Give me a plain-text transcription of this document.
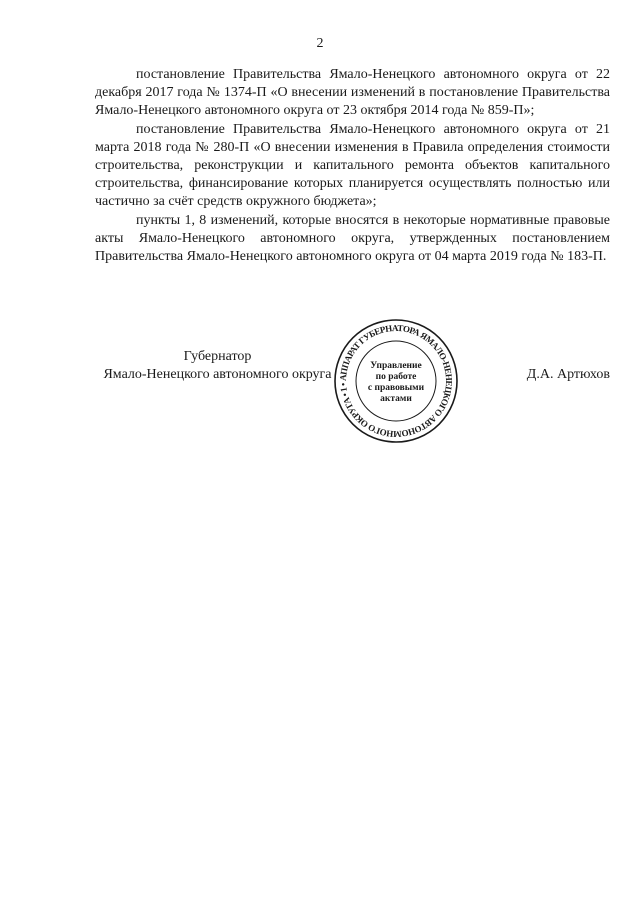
2

постановление Правительства Ямало-Ненецкого автономного округа от 22 декабря 2017 года № 1374-П «О внесении изменений в постановление Правительства Ямало-Ненецкого автономного округа от 23 октября 2014 года № 859-П»;

постановление Правительства Ямало-Ненецкого автономного округа от 21 марта 2018 года № 280-П «О внесении изменения в Правила определения стоимости строительства, реконструкции и капитального ремонта объектов капитального строительства, финансирование которых планируется осуществлять полностью или частично за счёт средств окружного бюджета»;

пункты 1, 8 изменений, которые вносятся в некоторые нормативные правовые акты Ямало-Ненецкого автономного округа, утвержденных постановлением Правительства Ямало-Ненецкого автономного округа от 04 марта 2019 года № 183-П.

Губернатор
Ямало-Ненецкого автономного округа АППАРАТ ГУБЕРНАТОРА ЯМАЛО-НЕНЕЦКОГО АВТОНОМНОГО ОКРУГА • 1 •
Управление
по работе
с правовыми
актами
Д.А. Артюхов
